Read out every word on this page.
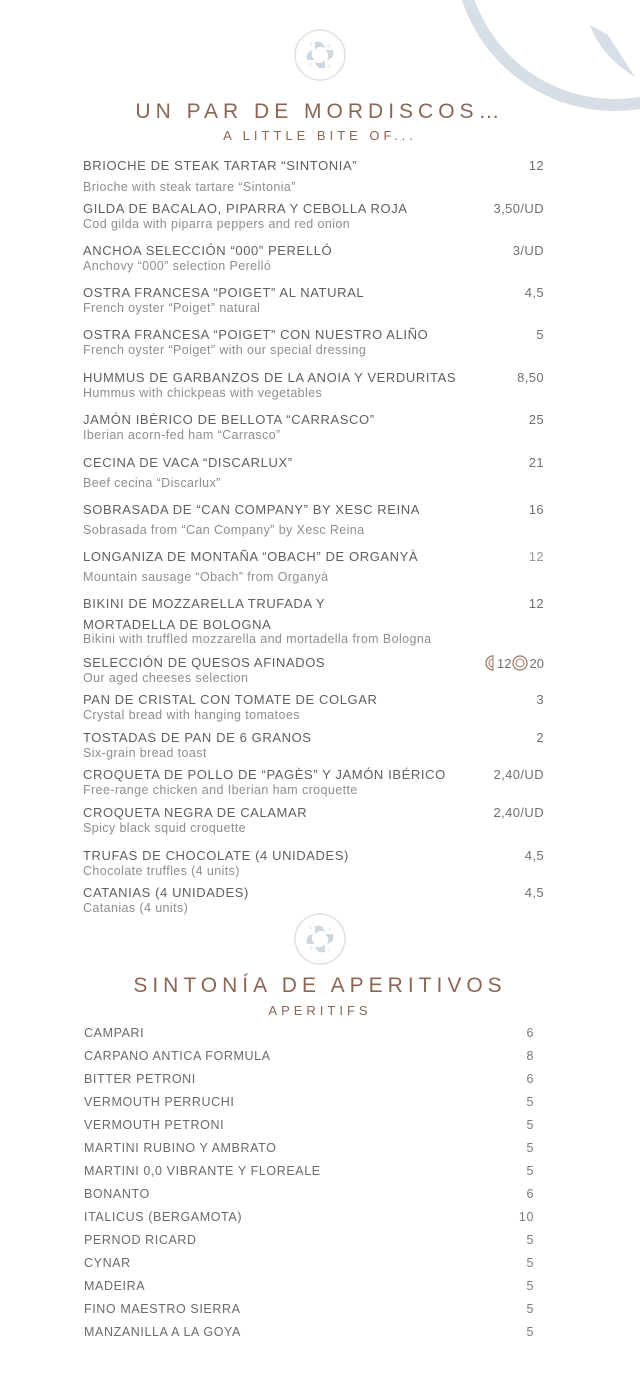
UN PAR DE MORDISCOS…
A LITTLE BITE OF...
BRIOCHE DE STEAK TARTAR “SINTONIA”
Brioche with steak tartare “Sintonia”
12
GILDA DE BACALAO, PIPARRA Y CEBOLLA ROJA
Cod gilda with piparra peppers and red onion
3,50/UD
ANCHOA SELECCIÓN “000” PERELLÓ
Anchovy “000” selection Perelló
3/UD
OSTRA FRANCESA “POIGET” AL NATURAL
French oyster “Poiget” natural
4,5
OSTRA FRANCESA “POIGET” CON NUESTRO ALIÑO
French oyster “Poiget” with our special dressing
5
HUMMUS DE GARBANZOS DE LA ANOIA Y VERDURITAS
Hummus with chickpeas with vegetables
8,50
JAMÓN IBÉRICO DE BELLOTA “CARRASCO”
Iberian acorn-fed ham “Carrasco”
25
CECINA DE VACA “DISCARLUX”
Beef cecina “Discarlux”
21
SOBRASADA DE “CAN COMPANY” BY XESC REINA
Sobrasada from “Can Company” by Xesc Reina
16
LONGANIZA DE MONTAÑA “OBACH” DE ORGANYÀ
Mountain sausage “Obach” from Organyà
12
BIKINI DE MOZZARELLA TRUFADA Y
MORTADELLA DE BOLOGNA
Bikini with truffled mozzarella and mortadella from Bologna
12
SELECCIÓN DE QUESOS AFINADOS
Our aged cheeses selection
12	20
PAN DE CRISTAL CON TOMATE DE COLGAR
Crystal bread with hanging tomatoes
3
TOSTADAS DE PAN DE 6 GRANOS
Six-grain bread toast
2
CROQUETA DE POLLO DE “PAGÈS” Y JAMÓN IBÉRICO
Free-range chicken and Iberian ham croquette
2,40/UD
CROQUETA NEGRA DE CALAMAR
Spicy black squid croquette
2,40/UD
TRUFAS DE CHOCOLATE (4 UNIDADES)
Chocolate truffles (4 units)
4,5
CATANIAS (4 UNIDADES)
Catanias (4 units)
4,5
SINTONÍA DE APERITIVOS
APERITIFS
CAMPARI	6
CARPANO ANTICA FORMULA	8
BITTER PETRONI	6
VERMOUTH PERRUCHI	5
VERMOUTH PETRONI	5
MARTINI RUBINO Y AMBRATO	5
MARTINI 0,0 VIBRANTE Y FLOREALE	5
BONANTO	6
ITALICUS (BERGAMOTA)	10
PERNOD RICARD	5
CYNAR	5
MADEIRA	5
FINO MAESTRO SIERRA	5
MANZANILLA A LA GOYA	5
